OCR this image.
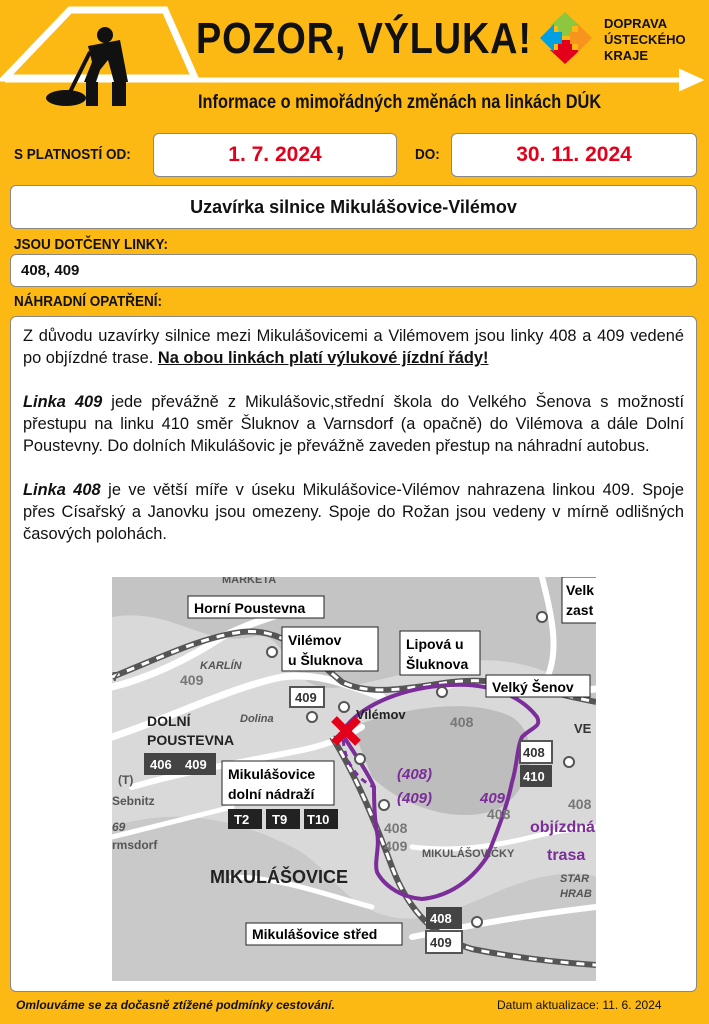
POZOR, VÝLUKA!
Informace o mimořádných změnách na linkách DÚK
DOPRAVA
ÚSTECKÉHO
KRAJE
S PLATNOSTÍ OD:	1. 7. 2024	DO:	30. 11. 2024
Uzavírka silnice Mikulášovice-Vilémov
JSOU DOTČENY LINKY:
408, 409
NÁHRADNÍ OPATŘENÍ:

Z důvodu uzavírky silnice mezi Mikulášovicemi a Vilémovem jsou linky 408 a 409 vedené po objízdné trase. Na obou linkách platí výlukové jízdní řády!

Linka 409 jede převážně z Mikulášovic,střední škola do Velkého Šenova s možností přestupu na linku 410 směr Šluknov a Varnsdorf (a opačně) do Vilémova a dále Dolní Poustevny. Do dolních Mikulášovic je převážně zaveden přestup na náhradní autobus.

Linka 408 je ve větší míře v úseku Mikulášovice-Vilémov nahrazena linkou 409. Spoje přes Císařský a Janovku jsou omezeny. Spoje do Rožan jsou vedeny v mírně odlišných časových polohách.

(408)
(409)	409
objízdná
trasa
409
408
408
409
408
408
MARKETA
KARLÍN
Dolina
(T)
Sebnitz
69
rmsdorf
7
MIKULÁŠOVIČKY
STAR
HRAB
VE
DOLNÍ
POUSTEVNA
MIKULÁŠOVICE
Vilémov
Horní Poustevna
Vilémov
u Šluknova
Lipová u
Šluknova
Velký Šenov
Velk
zast
Mikulášovice
dolní nádraží
Mikulášovice střed
409
406 409
408
410
408
409
T2 T9 T10
Omlouváme se za dočasně ztížené podmínky cestování.	Datum aktualizace: 11. 6. 2024
